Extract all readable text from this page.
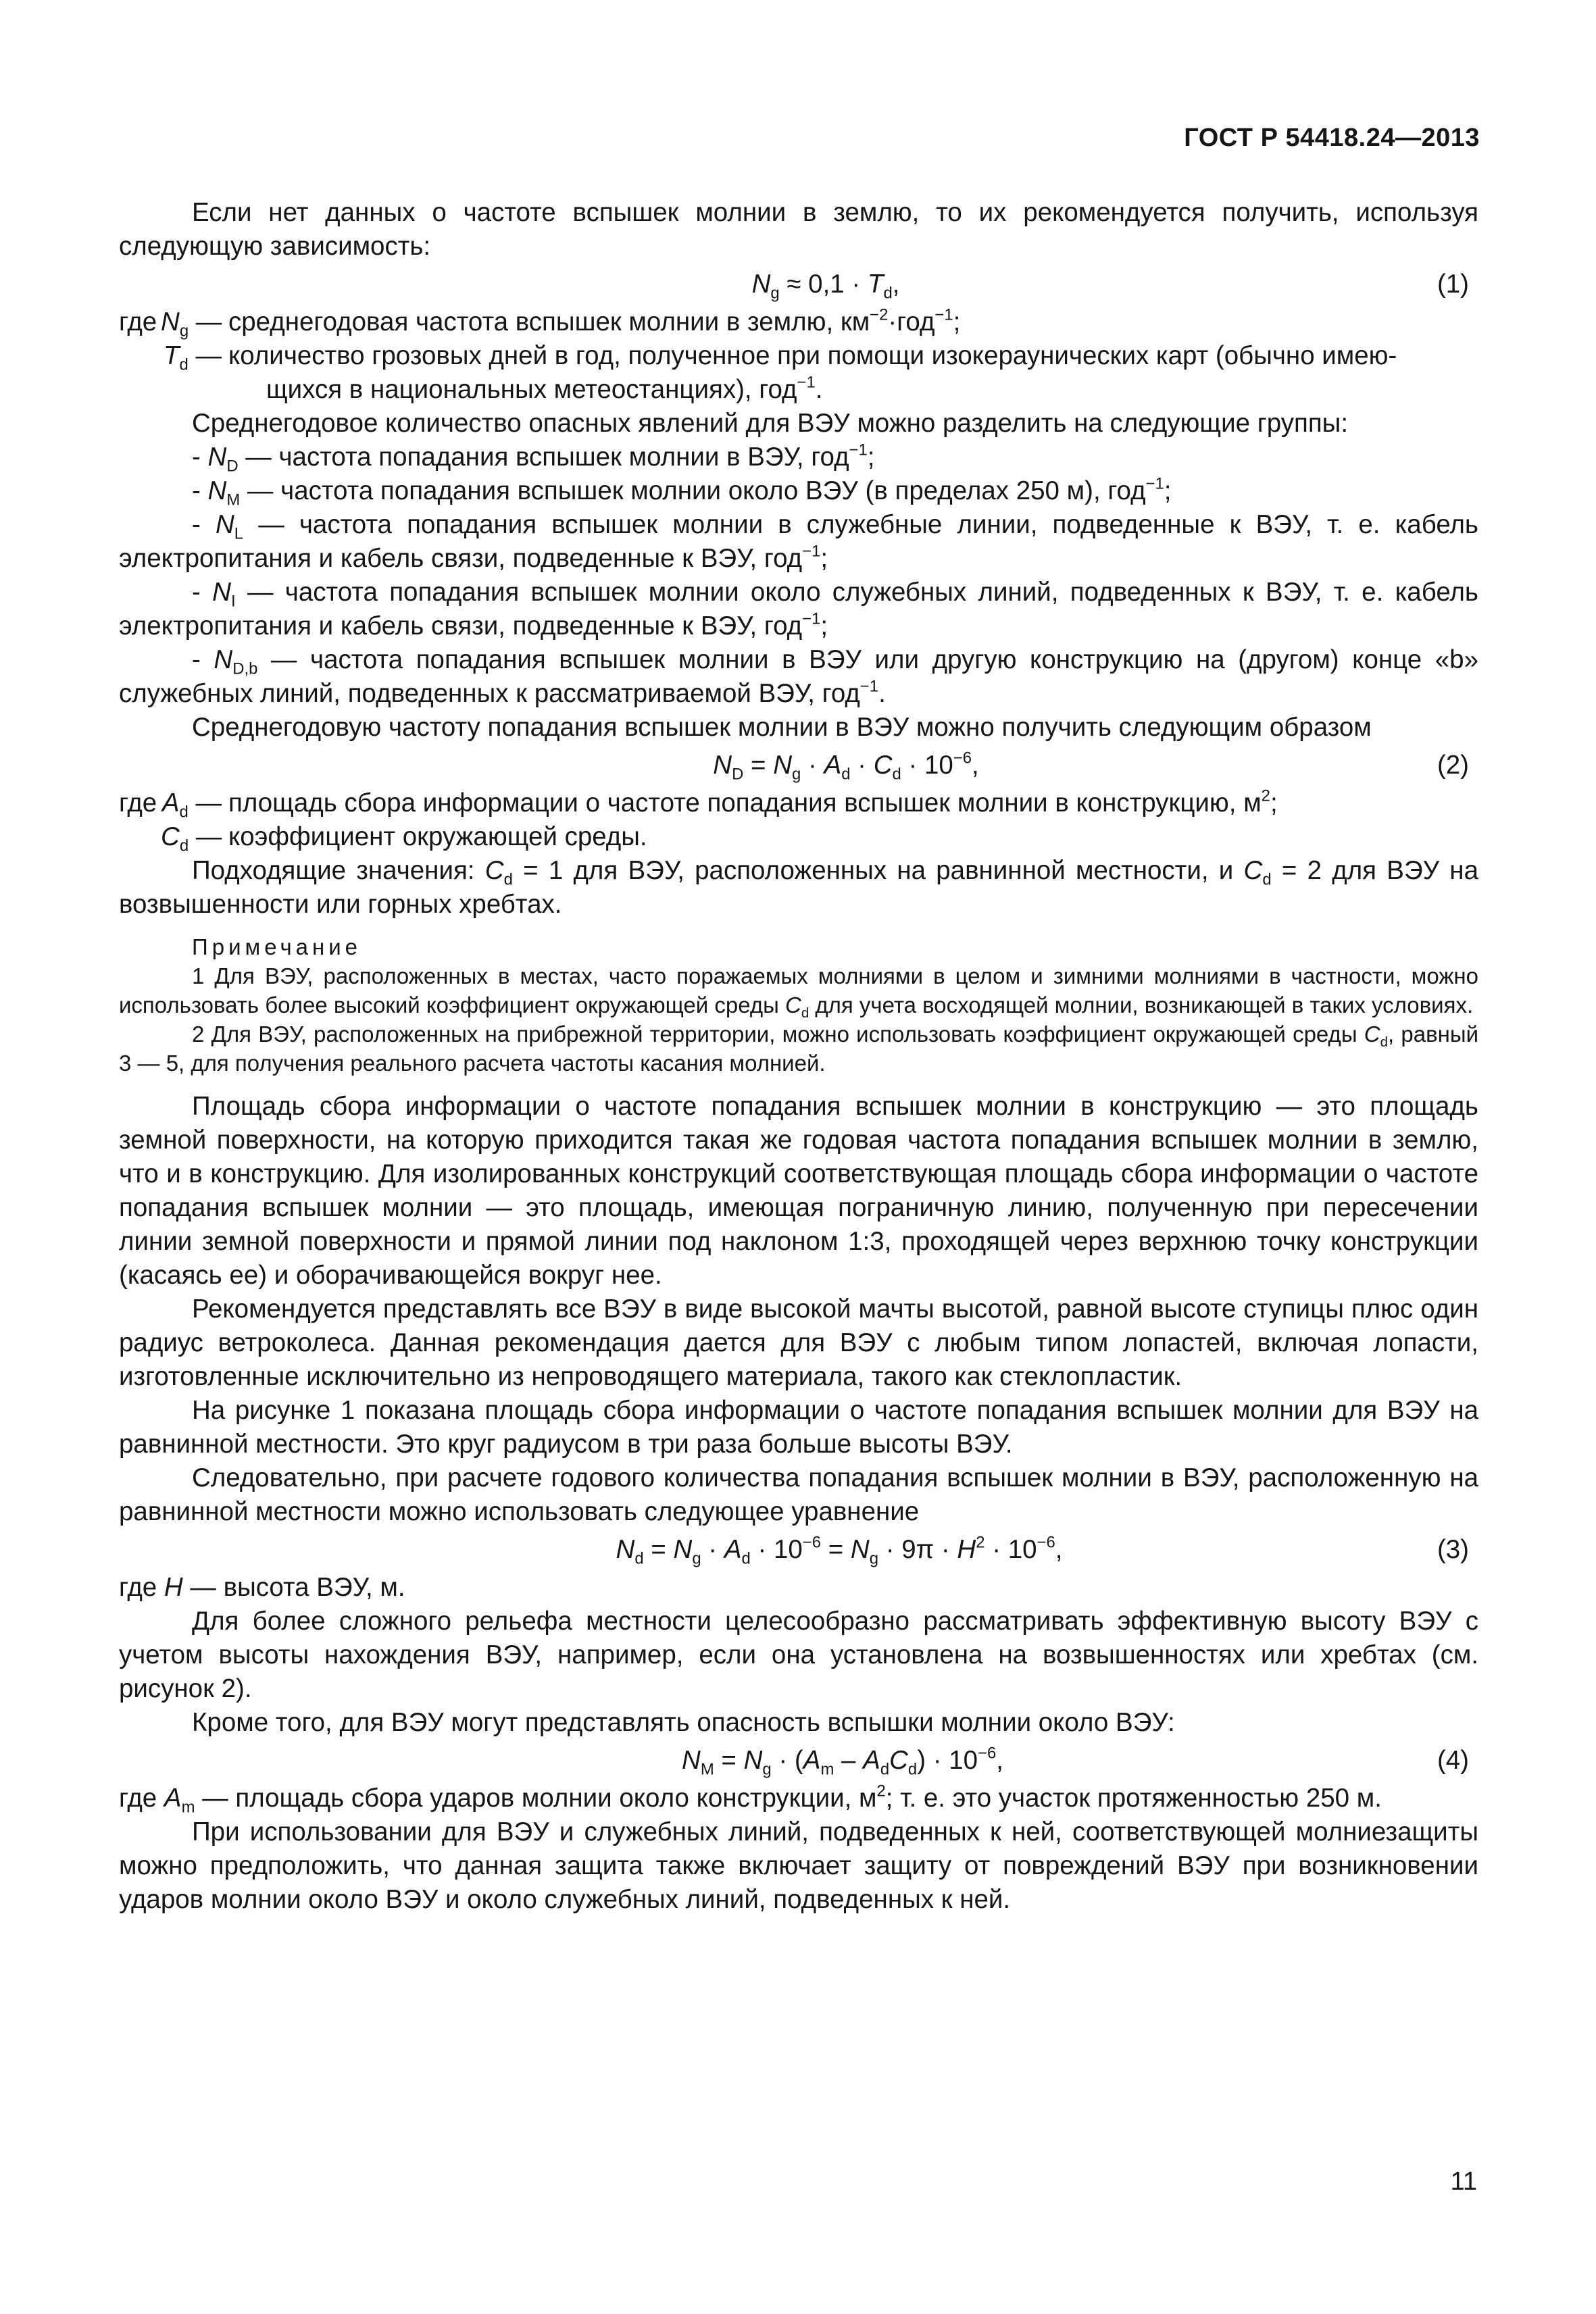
ГОСТ Р 54418.24—2013

Если нет данных о частоте вспышек молнии в землю, то их рекомендуется получить, используя следующую зависимость:

$N_g \approx 0,1 \cdot T_d$,	(1)
где $N_g$ — среднегодовая частота вспышек молнии в землю, $км^{-2}\cdot год^{-1}$;
$T_d$ — количество грозовых дней в год, полученное при помощи изокераунических карт (обычно имею-
щихся в национальных метеостанциях), год$^{-1}$.

Среднегодовое количество опасных явлений для ВЭУ можно разделить на следующие группы:

- $N_D$ — частота попадания вспышек молнии в ВЭУ, год$^{-1}$;

- $N_M$ — частота попадания вспышек молнии около ВЭУ (в пределах 250 м), год$^{-1}$;

- $N_L$ — частота попадания вспышек молнии в служебные линии, подведенные к ВЭУ, т. е. кабель электропитания и кабель связи, подведенные к ВЭУ, год$^{-1}$;

- $N_I$ — частота попадания вспышек молнии около служебных линий, подведенных к ВЭУ, т. е. кабель электропитания и кабель связи, подведенные к ВЭУ, год$^{-1}$;

- $N_{D,b}$ — частота попадания вспышек молнии в ВЭУ или другую конструкцию на (другом) конце «b» служебных линий, подведенных к рассматриваемой ВЭУ, год$^{-1}$.

Среднегодовую частоту попадания вспышек молнии в ВЭУ можно получить следующим образом

$N_D = N_g \cdot A_d \cdot C_d \cdot 10^{-6}$,	(2)
где $A_d$ — площадь сбора информации о частоте попадания вспышек молнии в конструкцию, $м^2$;
$C_d$ — коэффициент окружающей среды.

Подходящие значения: $C_d = 1$ для ВЭУ, расположенных на равнинной местности, и $C_d = 2$ для ВЭУ на возвышенности или горных хребтах.

Примечание

1 Для ВЭУ, расположенных в местах, часто поражаемых молниями в целом и зимними молниями в частности, можно использовать более высокий коэффициент окружающей среды $C_d$ для учета восходящей молнии, возникающей в таких условиях.

2 Для ВЭУ, расположенных на прибрежной территории, можно использовать коэффициент окружающей среды $C_d$, равный 3 — 5, для получения реального расчета частоты касания молнией.

Площадь сбора информации о частоте попадания вспышек молнии в конструкцию — это площадь земной поверхности, на которую приходится такая же годовая частота попадания вспышек молнии в землю, что и в конструкцию. Для изолированных конструкций соответствующая площадь сбора информации о частоте попадания вспышек молнии — это площадь, имеющая пограничную линию, полученную при пересечении линии земной поверхности и прямой линии под наклоном 1:3, проходящей через верхнюю точку конструкции (касаясь ее) и оборачивающейся вокруг нее.

Рекомендуется представлять все ВЭУ в виде высокой мачты высотой, равной высоте ступицы плюс один радиус ветроколеса. Данная рекомендация дается для ВЭУ с любым типом лопастей, включая лопасти, изготовленные исключительно из непроводящего материала, такого как стеклопластик.

На рисунке 1 показана площадь сбора информации о частоте попадания вспышек молнии для ВЭУ на равнинной местности. Это круг радиусом в три раза больше высоты ВЭУ.

Следовательно, при расчете годового количества попадания вспышек молнии в ВЭУ, расположенную на равнинной местности можно использовать следующее уравнение

$N_d = N_g \cdot A_d \cdot 10^{-6} = N_g \cdot 9\pi \cdot H^2 \cdot 10^{-6}$,	(3)

где H — высота ВЭУ, м.

Для более сложного рельефа местности целесообразно рассматривать эффективную высоту ВЭУ с учетом высоты нахождения ВЭУ, например, если она установлена на возвышенностях или хребтах (см. рисунок 2).

Кроме того, для ВЭУ могут представлять опасность вспышки молнии около ВЭУ:

$N_M = N_g \cdot (A_m - A_dC_d) \cdot 10^{-6}$,	(4)

где $A_m$ — площадь сбора ударов молнии около конструкции, $м^2$; т. е. это участок протяженностью 250 м.

При использовании для ВЭУ и служебных линий, подведенных к ней, соответствующей молниезащиты можно предположить, что данная защита также включает защиту от повреждений ВЭУ при возникновении ударов молнии около ВЭУ и около служебных линий, подведенных к ней.

11
